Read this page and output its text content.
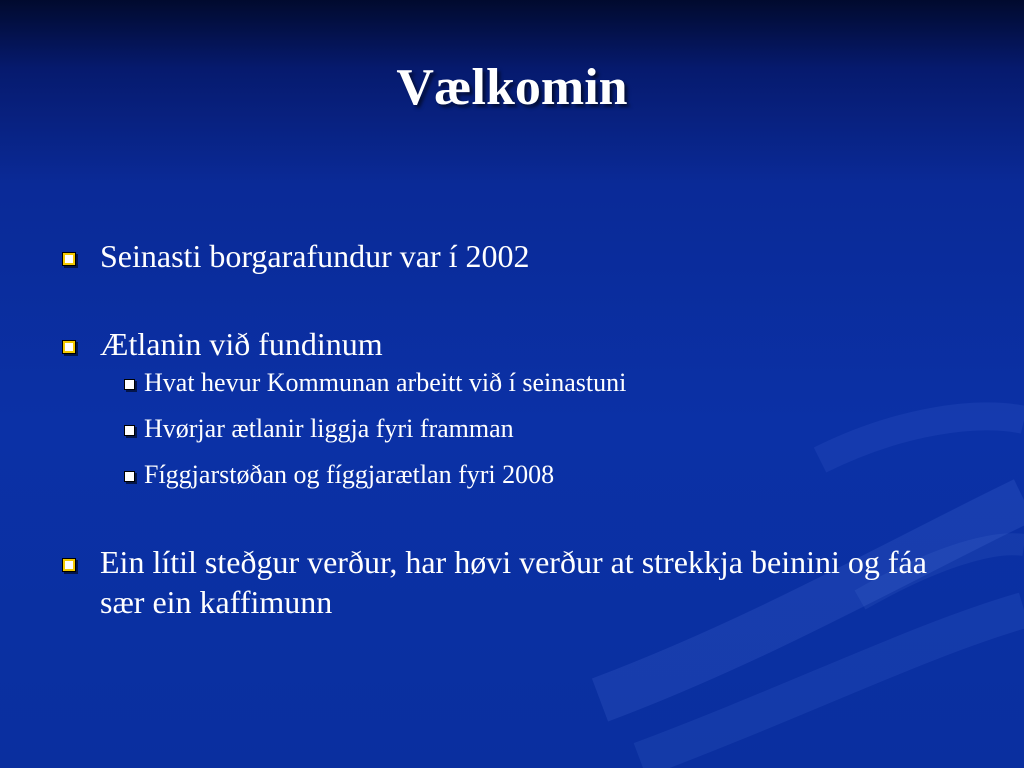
Vælkomin
Seinasti borgarafundur var í 2002
Ætlanin við fundinum
Hvat hevur Kommunan arbeitt við í seinastuni
Hvørjar ætlanir liggja fyri framman
Fíggjarstøðan og fíggjarætlan fyri 2008
Ein lítil steðgur verður, har høvi verður at strekkja beinini og fáa sær ein kaffimunn
